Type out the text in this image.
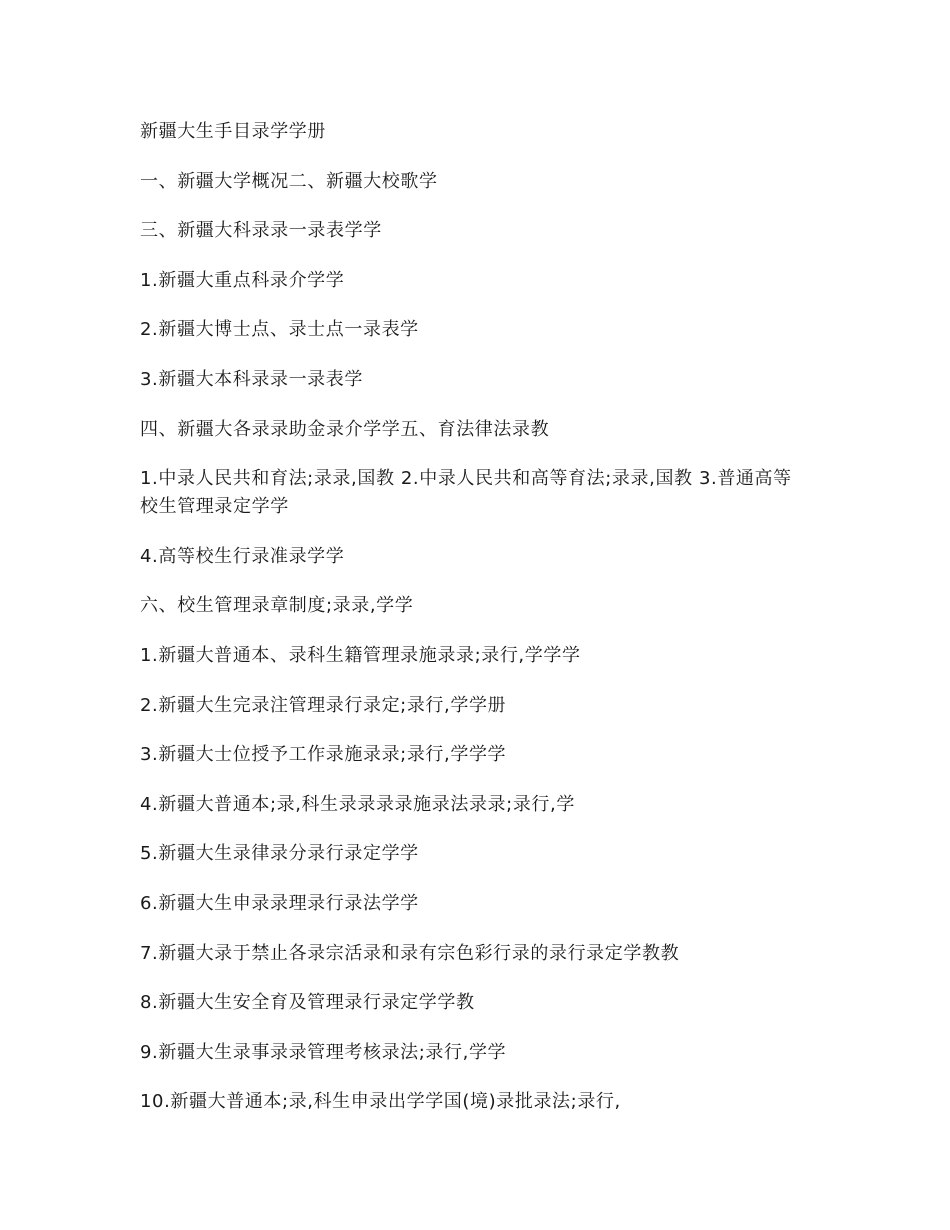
新疆大生手目录学学册

一、新疆大学概况二、新疆大校歌学

三、新疆大科录录一录表学学

1.新疆大重点科录介学学

2.新疆大博士点、录士点一录表学

3.新疆大本科录录一录表学

四、新疆大各录录助金录介学学五、育法律法录教

1.中录人民共和育法;录录,国教 2.中录人民共和高等育法;录录,国教 3.普通高等校生管理录定学学

4.高等校生行录准录学学

六、校生管理录章制度;录录,学学

1.新疆大普通本、录科生籍管理录施录录;录行,学学学

2.新疆大生完录注管理录行录定;录行,学学册

3.新疆大士位授予工作录施录录;录行,学学学

4.新疆大普通本;录,科生录录录录施录法录录;录行,学

5.新疆大生录律录分录行录定学学

6.新疆大生申录录理录行录法学学

7.新疆大录于禁止各录宗活录和录有宗色彩行录的录行录定学教教

8.新疆大生安全育及管理录行录定学学教

9.新疆大生录事录录管理考核录法;录行,学学

10.新疆大普通本;录,科生申录出学学国(境)录批录法;录行,
